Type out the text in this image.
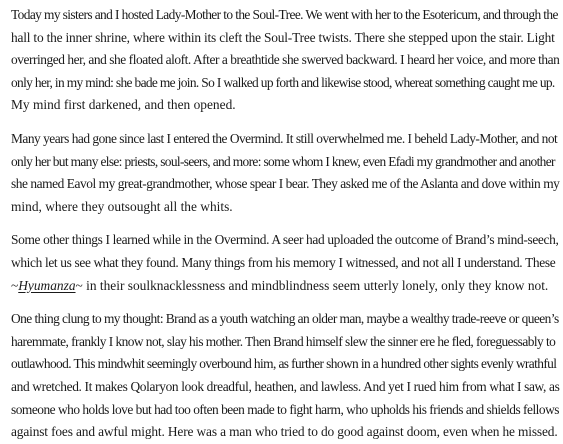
Today my sisters and I hosted Lady-Mother to the Soul-Tree. We went with her to the Esotericum, and through the
hall to the inner shrine, where within its cleft the Soul-Tree twists. There she stepped upon the stair. Light
overringed her, and she floated aloft. After a breathtide she swerved backward. I heard her voice, and more than
only her, in my mind: she bade me join. So I walked up forth and likewise stood, whereat something caught me up.
My mind first darkened, and then opened.

Many years had gone since last I entered the Overmind. It still overwhelmed me. I beheld Lady-Mother, and not
only her but many else: priests, soul-seers, and more: some whom I knew, even Efadi my grandmother and another
she named Eavol my great-grandmother, whose spear I bear. They asked me of the Aslanta and dove within my
mind, where they outsought all the whits.

Some other things I learned while in the Overmind. A seer had uploaded the outcome of Brand’s mind-seech,
which let us see what they found. Many things from his memory I witnessed, and not all I understand. These
~Hyumanza~ in their soulknacklessness and mindblindness seem utterly lonely, only they know not.

One thing clung to my thought: Brand as a youth watching an older man, maybe a wealthy trade-reeve or queen’s
haremmate, frankly I know not, slay his mother. Then Brand himself slew the sinner ere he fled, foreguessably to
outlawhood. This mindwhit seemingly overbound him, as further shown in a hundred other sights evenly wrathful
and wretched. It makes Qolaryon look dreadful, heathen, and lawless. And yet I rued him from what I saw, as
someone who holds love but had too often been made to fight harm, who upholds his friends and shields fellows
against foes and awful might. Here was a man who tried to do good against doom, even when he missed.
